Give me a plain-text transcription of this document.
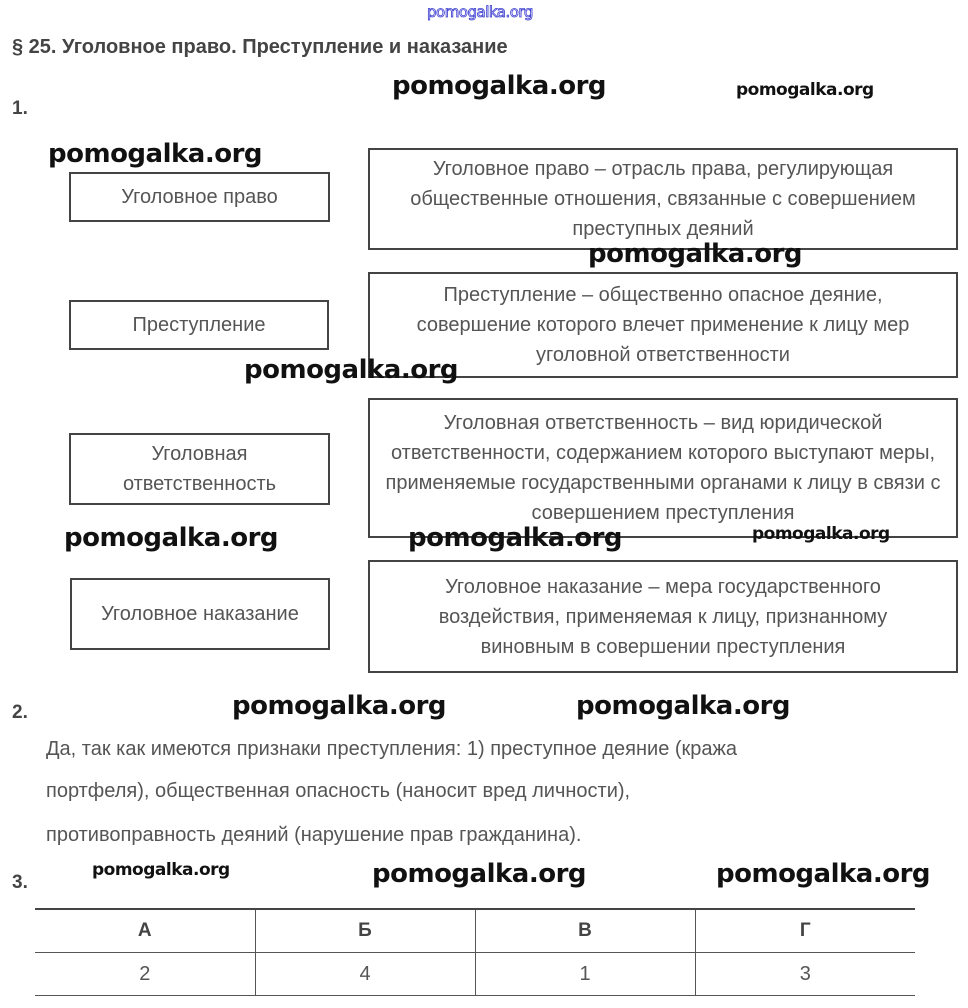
pomogalka.org
§ 25. Уголовное право. Преступление и наказание
1.
Уголовное право
Преступление
Уголовная ответственность
Уголовное наказание
Уголовное право – отрасль права, регулирующая общественные отношения, связанные с совершением преступных деяний
Преступление – общественно опасное деяние, совершение которого влечет применение к лицу мер уголовной ответственности
Уголовная ответственность – вид юридической ответственности, содержанием которого выступают меры, применяемые государственными органами к лицу в связи с совершением преступления
Уголовное наказание – мера государственного воздействия, применяемая к лицу, признанному виновным в совершении преступления
2.
Да, так как имеются признаки преступления: 1) преступное деяние (кража
портфеля), общественная опасность (наносит вред личности),
противоправность деяний (нарушение прав гражданина).
3.
А	Б	В	Г
2	4	1	3
pomogalka.org	pomogalka.org
pomogalka.org
pomogalka.org
pomogalka.org
pomogalka.org	pomogalka.org	pomogalka.org
pomogalka.org	pomogalka.org
pomogalka.org	pomogalka.org	pomogalka.org
